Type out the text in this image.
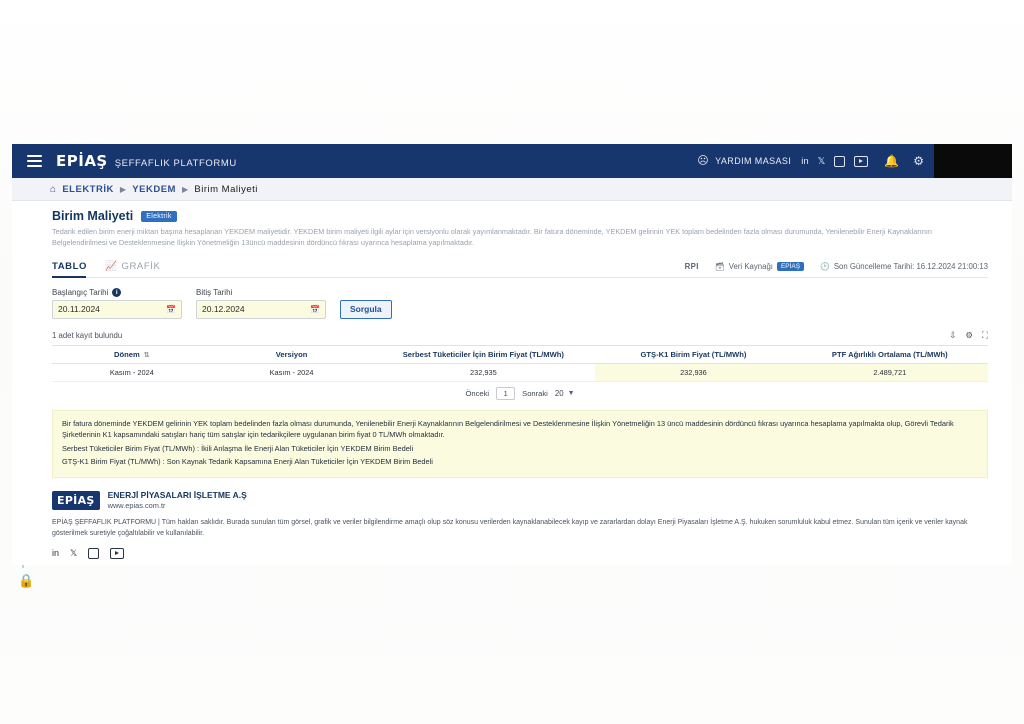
🔒
EPİAŞ ŞEFFAFLIK PLATFORMU	☹ YARDIM MASASI in 𝕏	🔔 ⚙
⌂ ELEKTRİK ▶ YEKDEM ▶ Birim Maliyeti
Birim Maliyeti	Elektrik
Tedarik edilen birim enerji miktarı başına hesaplanan YEKDEM maliyetidir. YEKDEM birim maliyeti ilgili aylar için versiyonlu olarak yayımlanmaktadır. Bir fatura döneminde, YEKDEM gelirinin YEK toplam bedelinden fazla olması durumunda, Yenilenebilir Enerji Kaynaklarının Belgelendirilmesi ve Desteklenmesine İlişkin Yönetmeliğin 13üncü maddesinin dördüncü fıkrası uyarınca hesaplama yapılmaktadır.
TABLO 📈 GRAFİK	RPI 🗃 Veri Kaynağı	EPİAŞ	🕑 Son Güncelleme Tarihi: 16.12.2024 21:00:13
Başlangıç Tarihi	i
20.11.2024	📅
Bitiş Tarihi
20.12.2024	📅	Sorgula
1 adet kayıt bulundu	⇩ ⚙ ⛶
Dönem ⇅	Versiyon	Serbest Tüketiciler İçin Birim Fiyat (TL/MWh)	GTŞ-K1 Birim Fiyat (TL/MWh)	PTF Ağırlıklı Ortalama (TL/MWh)
Kasım - 2024	Kasım - 2024	232,935	232,936	2.489,721
Önceki	1	Sonraki 20 ▼

Bir fatura döneminde YEKDEM gelirinin YEK toplam bedelinden fazla olması durumunda, Yenilenebilir Enerji Kaynaklarının Belgelendirilmesi ve Desteklenmesine İlişkin Yönetmeliğin 13 üncü maddesinin dördüncü fıkrası uyarınca hesaplama yapılmakta olup, Görevli Tedarik Şirketlerinin K1 kapsamındaki satışları hariç tüm satışlar için tedarikçilere uygulanan birim fiyat 0 TL/MWh olmaktadır.

Serbest Tüketiciler Birim Fiyat (TL/MWh) : İkili Anlaşma İle Enerji Alan Tüketiciler İçin YEKDEM Birim Bedeli

GTŞ-K1 Birim Fiyat (TL/MWh) : Son Kaynak Tedarik Kapsamına Enerji Alan Tüketiciler İçin YEKDEM Birim Bedeli

EPİAŞ	ENERJİ PİYASALARI İŞLETME A.Ş
www.epias.com.tr
EPİAŞ ŞEFFAFLIK PLATFORMU | Tüm hakları saklıdır. Burada sunulan tüm görsel, grafik ve veriler bilgilendirme amaçlı olup söz konusu verilerden kaynaklanabilecek kayıp ve zararlardan dolayı Enerji Piyasaları İşletme A.Ş. hukuken sorumluluk kabul etmez. Sunulan tüm içerik ve veriler kaynak gösterilmek suretiyle çoğaltılabilir ve kullanılabilir.
in 𝕏
